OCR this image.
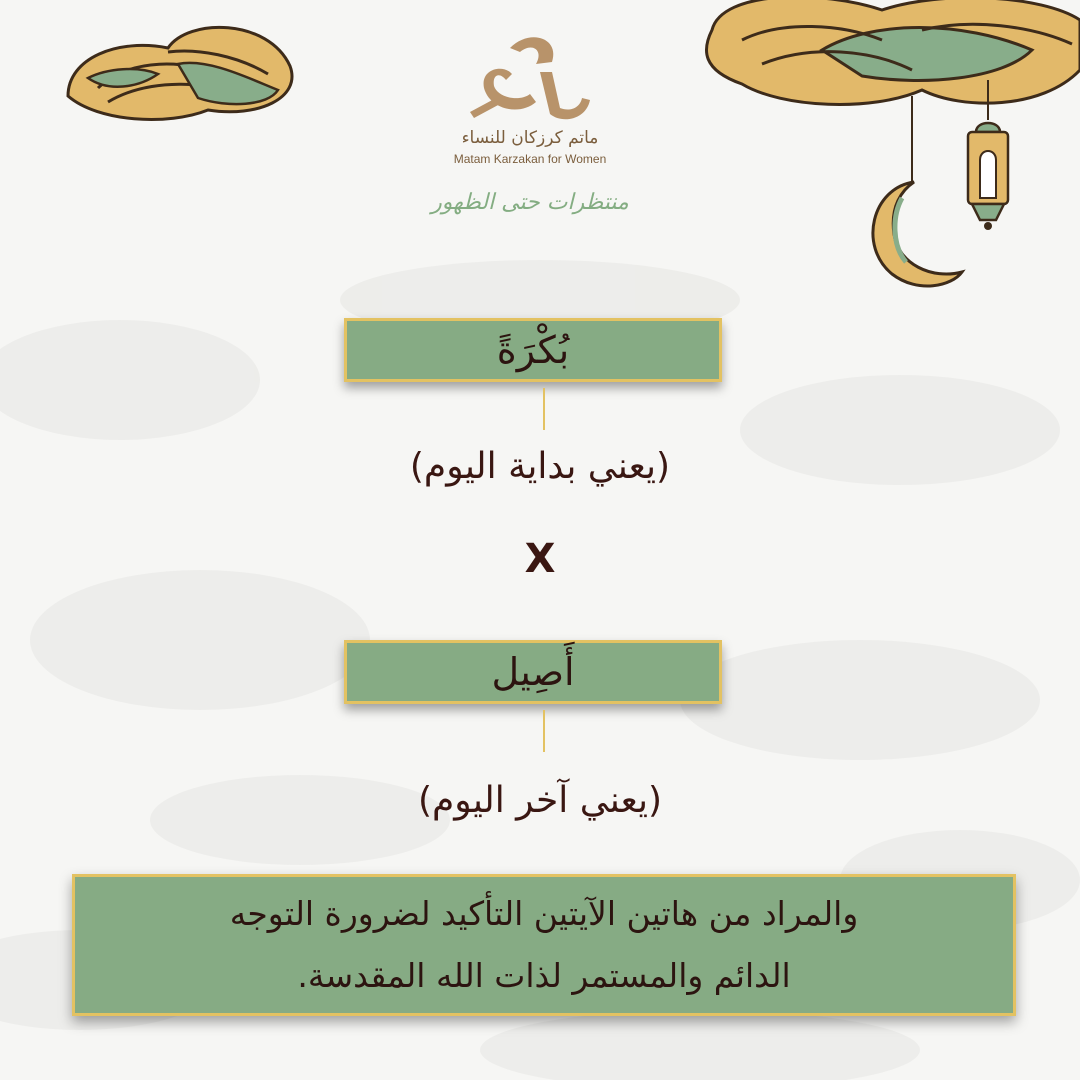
ماتم كرزكان للنساء
Matam Karzakan for Women
منتظرات حتى الظهور
بُكْرَةً
(يعني بداية اليوم)
X
أَصِيل
(يعني آخر اليوم)
والمراد من هاتين الآيتين التأكيد لضرورة التوجه
الدائم والمستمر لذات الله المقدسة.
